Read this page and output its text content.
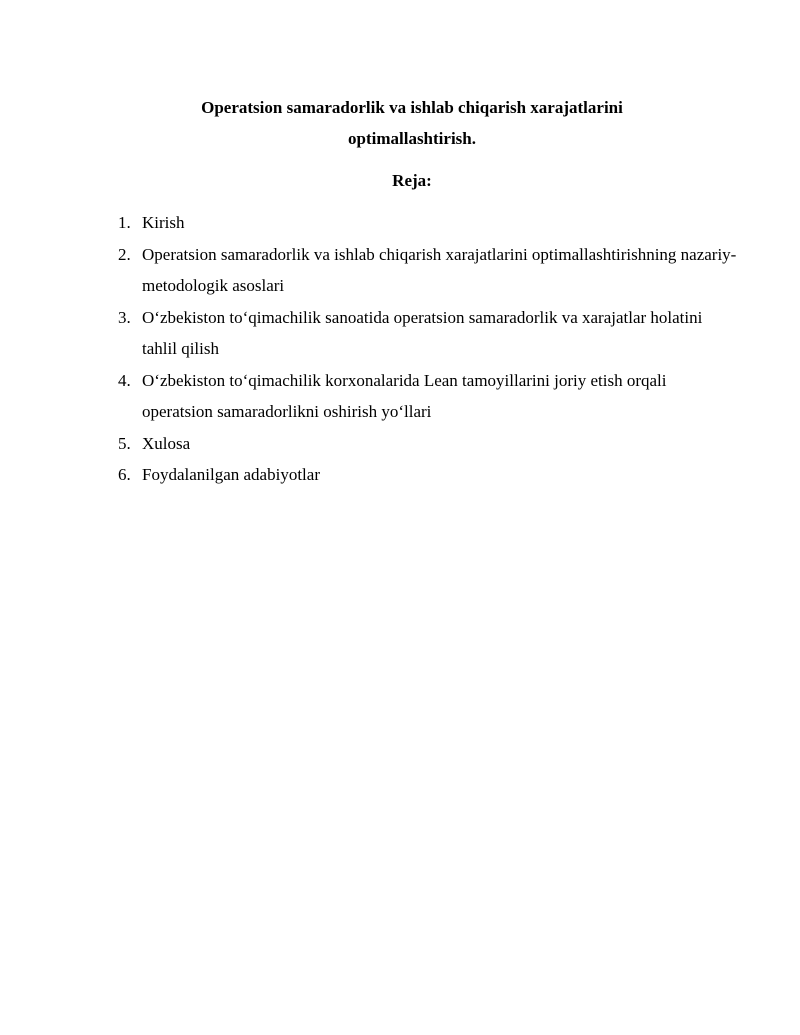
Operatsion samaradorlik va ishlab chiqarish xarajatlarini
optimallashtirish.
Reja:
1. Kirish
2. Operatsion samaradorlik va ishlab chiqarish xarajatlarini optimallashtirishning nazariy-metodologik asoslari
3. O‘zbekiston to‘qimachilik sanoatida operatsion samaradorlik va xarajatlar holatini tahlil qilish
4. O‘zbekiston to‘qimachilik korxonalarida Lean tamoyillarini joriy etish orqali operatsion samaradorlikni oshirish yo‘llari
5. Xulosa
6. Foydalanilgan adabiyotlar
